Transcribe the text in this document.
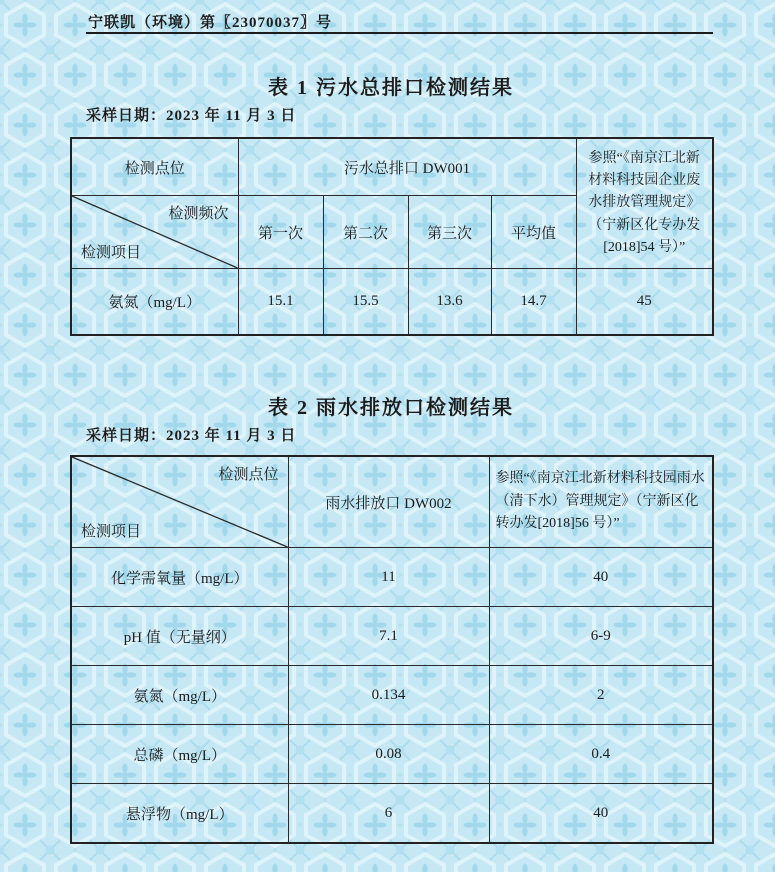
宁联凯（环境）第〖23070037〗号
表 1 污水总排口检测结果
采样日期：2023 年 11 月 3 日
检测点位	污水总排口 DW001				参照“《南京江北新材料科技园企业废水排放管理规定》（宁新区化专办发[2018]54 号）”

检测频次
检测项目	第一次	第二次	第三次	平均值	
氨氮（mg/L）	15.1	15.5	13.6	14.7	45
表 2 雨水排放口检测结果
采样日期：2023 年 11 月 3 日
检测点位
检测项目	雨水排放口 DW002	参照“《南京江北新材料科技园雨水（清下水）管理规定》（宁新区化转办发[2018]56 号）”
化学需氧量（mg/L）	11	40
pH 值（无量纲）	7.1	6-9
氨氮（mg/L）	0.134	2
总磷（mg/L）	0.08	0.4
悬浮物（mg/L）	6	40
